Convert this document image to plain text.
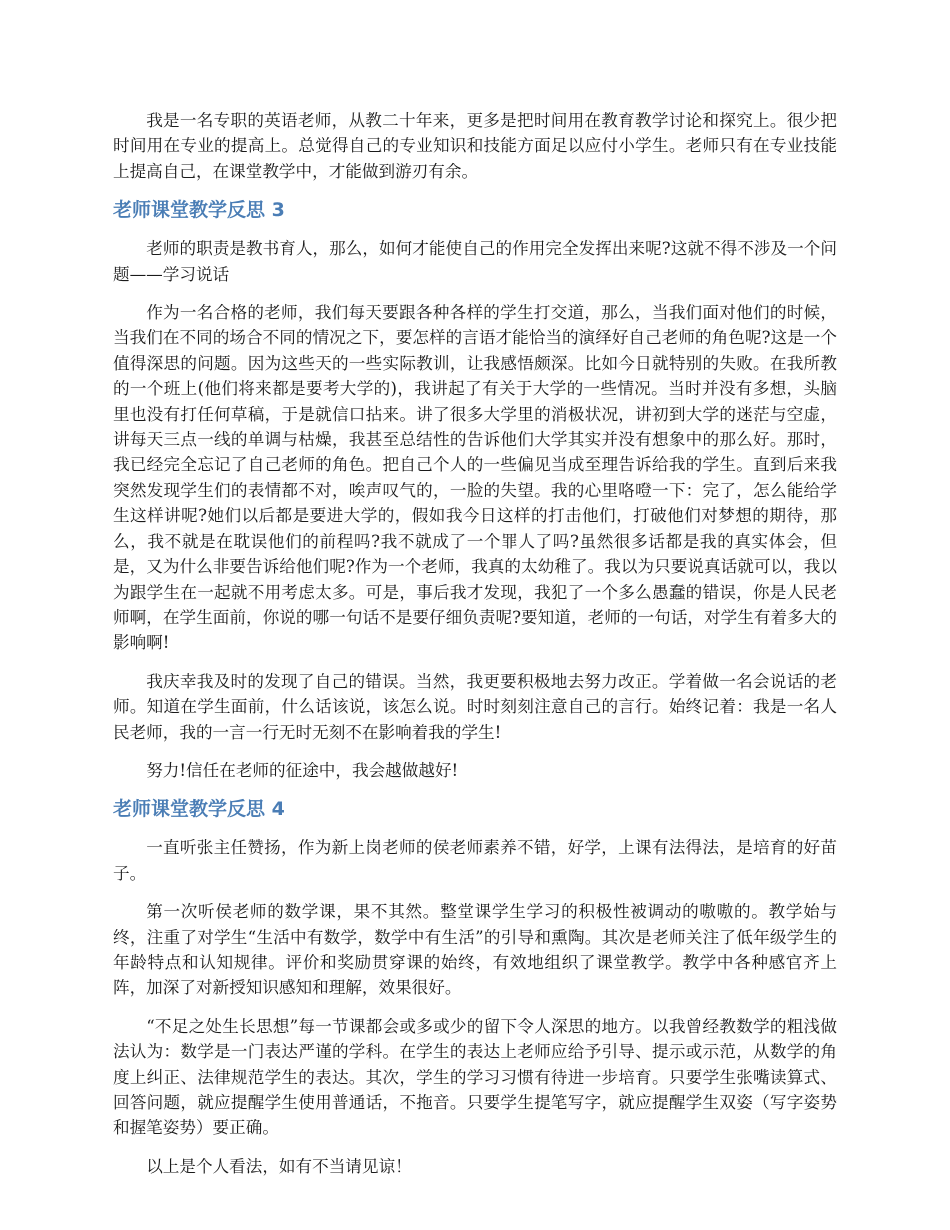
我是一名专职的英语老师，从教二十年来，更多是把时间用在教育教学讨论和探究上。很少把时间用在专业的提高上。总觉得自己的专业知识和技能方面足以应付小学生。老师只有在专业技能上提高自己，在课堂教学中，才能做到游刃有余。

老师课堂教学反思 3

老师的职责是教书育人，那么，如何才能使自己的作用完全发挥出来呢?这就不得不涉及一个问题——学习说话

作为一名合格的老师，我们每天要跟各种各样的学生打交道，那么，当我们面对他们的时候，当我们在不同的场合不同的情况之下，要怎样的言语才能恰当的演绎好自己老师的角色呢?这是一个值得深思的问题。因为这些天的一些实际教训，让我感悟颇深。比如今日就特别的失败。在我所教的一个班上(他们将来都是要考大学的)，我讲起了有关于大学的一些情况。当时并没有多想，头脑里也没有打任何草稿，于是就信口拈来。讲了很多大学里的消极状况，讲初到大学的迷茫与空虚，讲每天三点一线的单调与枯燥，我甚至总结性的告诉他们大学其实并没有想象中的那么好。那时，我已经完全忘记了自己老师的角色。把自己个人的一些偏见当成至理告诉给我的学生。直到后来我突然发现学生们的表情都不对，唉声叹气的，一脸的失望。我的心里咯噔一下：完了，怎么能给学生这样讲呢?她们以后都是要进大学的，假如我今日这样的打击他们，打破他们对梦想的期待，那么，我不就是在耽误他们的前程吗?我不就成了一个罪人了吗?虽然很多话都是我的真实体会，但是，又为什么非要告诉给他们呢?作为一个老师，我真的太幼稚了。我以为只要说真话就可以，我以为跟学生在一起就不用考虑太多。可是，事后我才发现，我犯了一个多么愚蠢的错误，你是人民老师啊，在学生面前，你说的哪一句话不是要仔细负责呢?要知道，老师的一句话，对学生有着多大的影响啊!

我庆幸我及时的发现了自己的错误。当然，我更要积极地去努力改正。学着做一名会说话的老师。知道在学生面前，什么话该说，该怎么说。时时刻刻注意自己的言行。始终记着：我是一名人民老师，我的一言一行无时无刻不在影响着我的学生!

努力!信任在老师的征途中，我会越做越好!

老师课堂教学反思 4

一直听张主任赞扬，作为新上岗老师的侯老师素养不错，好学，上课有法得法，是培育的好苗子。

第一次听侯老师的数学课，果不其然。整堂课学生学习的积极性被调动的嗷嗷的。教学始与终，注重了对学生“生活中有数学，数学中有生活”的引导和熏陶。其次是老师关注了低年级学生的年龄特点和认知规律。评价和奖励贯穿课的始终，有效地组织了课堂教学。教学中各种感官齐上阵，加深了对新授知识感知和理解，效果很好。

“不足之处生长思想”每一节课都会或多或少的留下令人深思的地方。以我曾经教数学的粗浅做法认为：数学是一门表达严谨的学科。在学生的表达上老师应给予引导、提示或示范，从数学的角度上纠正、法律规范学生的表达。其次，学生的学习习惯有待进一步培育。只要学生张嘴读算式、回答问题，就应提醒学生使用普通话，不拖音。只要学生提笔写字，就应提醒学生双姿（写字姿势和握笔姿势）要正确。

以上是个人看法，如有不当请见谅！
